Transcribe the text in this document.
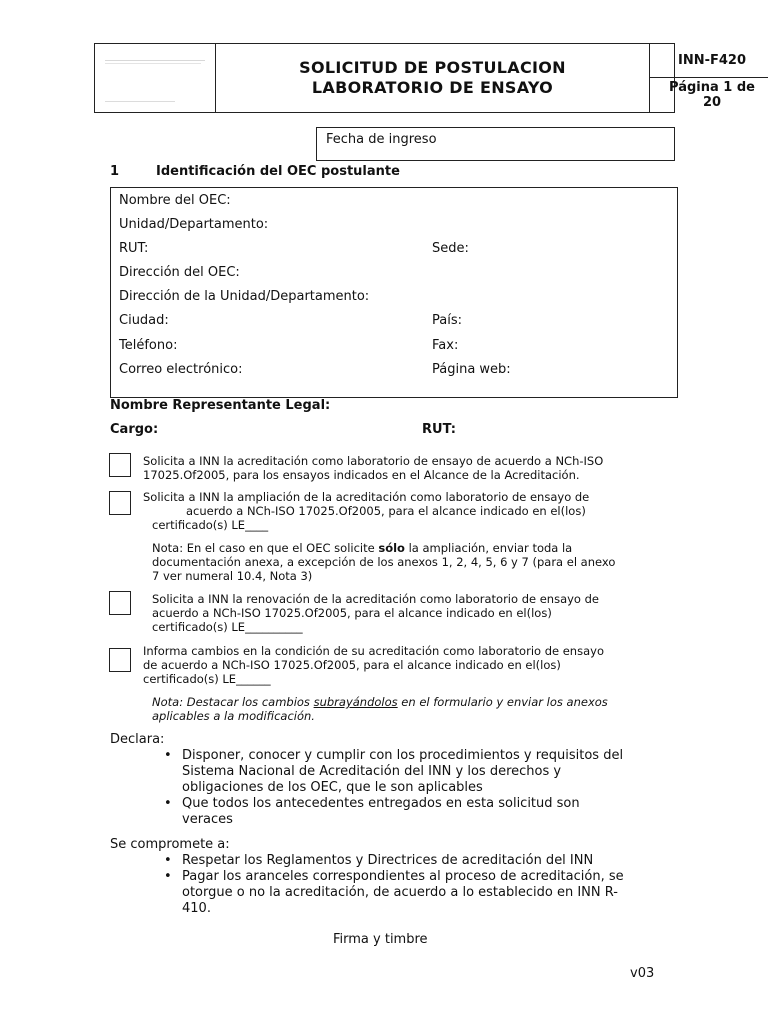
SOLICITUD DE POSTULACION
LABORATORIO DE ENSAYO
INN-F420
Página 1 de
20
Fecha de ingreso
1	Identificación del OEC postulante
Nombre del OEC:
Unidad/Departamento:
RUT:	Sede:
Dirección del OEC:
Dirección de la Unidad/Departamento:
Ciudad:	País:
Teléfono:	Fax:
Correo electrónico:	Página web:
Nombre Representante Legal:
Cargo:	RUT:
Solicita a INN la acreditación como laboratorio de ensayo de acuerdo a NCh-ISO
17025.Of2005, para los ensayos indicados en el Alcance de la Acreditación.
Solicita a INN la ampliación de la acreditación como laboratorio de ensayo de
acuerdo a NCh-ISO 17025.Of2005, para el alcance indicado en el(los)
certificado(s) LE____
Nota: En el caso en que el OEC solicite sólo la ampliación, enviar toda la
documentación anexa, a excepción de los anexos 1, 2, 4, 5, 6 y 7 (para el anexo
7 ver numeral 10.4, Nota 3)
Solicita a INN la renovación de la acreditación como laboratorio de ensayo de
acuerdo a NCh-ISO 17025.Of2005, para el alcance indicado en el(los)
certificado(s) LE__________
Informa cambios en la condición de su acreditación como laboratorio de ensayo
de acuerdo a NCh-ISO 17025.Of2005, para el alcance indicado en el(los)
certificado(s) LE______
Nota: Destacar los cambios subrayándolos en el formulario y enviar los anexos
aplicables a la modificación.
Declara:
• Disponer, conocer y cumplir con los procedimientos y requisitos del
Sistema Nacional de Acreditación del INN y los derechos y
obligaciones de los OEC, que le son aplicables
• Que todos los antecedentes entregados en esta solicitud son
veraces
Se compromete a:
• Respetar los Reglamentos y Directrices de acreditación del INN
• Pagar los aranceles correspondientes al proceso de acreditación, se
otorgue o no la acreditación, de acuerdo a lo establecido en INN R-
410.
Firma y timbre
v03
